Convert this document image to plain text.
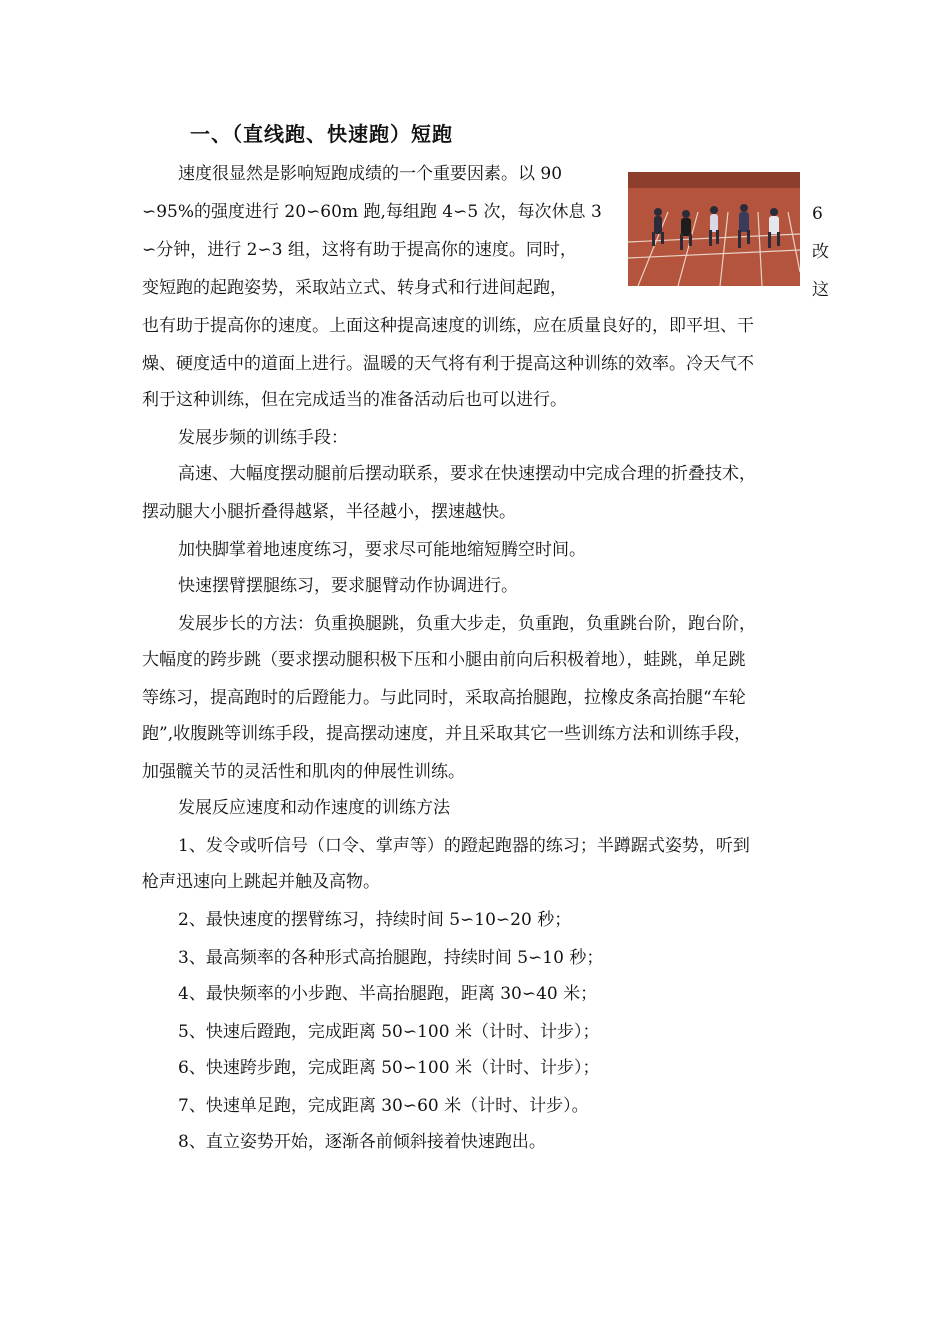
一、（直线跑、快速跑）短跑

速度很显然是影响短跑成绩的一个重要因素。以 90

∽95%的强度进行 20∽60m 跑,每组跑 4∽5 次，每次休息 3

∽分钟，进行 2∽3 组，这将有助于提高你的速度。同时，

变短跑的起跑姿势，采取站立式、转身式和行进间起跑，

6
改
这

也有助于提高你的速度。上面这种提高速度的训练，应在质量良好的，即平坦、干

燥、硬度适中的道面上进行。温暖的天气将有利于提高这种训练的效率。冷天气不

利于这种训练，但在完成适当的准备活动后也可以进行。

发展步频的训练手段：

高速、大幅度摆动腿前后摆动联系，要求在快速摆动中完成合理的折叠技术，

摆动腿大小腿折叠得越紧，半径越小，摆速越快。

加快脚掌着地速度练习，要求尽可能地缩短腾空时间。

快速摆臂摆腿练习，要求腿臂动作协调进行。

发展步长的方法：负重换腿跳，负重大步走，负重跑，负重跳台阶，跑台阶，

大幅度的跨步跳（要求摆动腿积极下压和小腿由前向后积极着地），蛙跳，单足跳

等练习，提高跑时的后蹬能力。与此同时，采取高抬腿跑，拉橡皮条高抬腿“车轮

跑”,收腹跳等训练手段，提高摆动速度，并且采取其它一些训练方法和训练手段，

加强髋关节的灵活性和肌肉的伸展性训练。

发展反应速度和动作速度的训练方法

1、发令或听信号（口令、掌声等）的蹬起跑器的练习；半蹲踞式姿势，听到

枪声迅速向上跳起并触及高物。

2、最快速度的摆臂练习，持续时间 5∽10∽20 秒；

3、最高频率的各种形式高抬腿跑，持续时间 5∽10 秒；

4、最快频率的小步跑、半高抬腿跑，距离 30∽40 米；

5、快速后蹬跑，完成距离 50∽100 米（计时、计步）；

6、快速跨步跑，完成距离 50∽100 米（计时、计步）；

7、快速单足跑，完成距离 30∽60 米（计时、计步）。

8、直立姿势开始，逐渐各前倾斜接着快速跑出。
